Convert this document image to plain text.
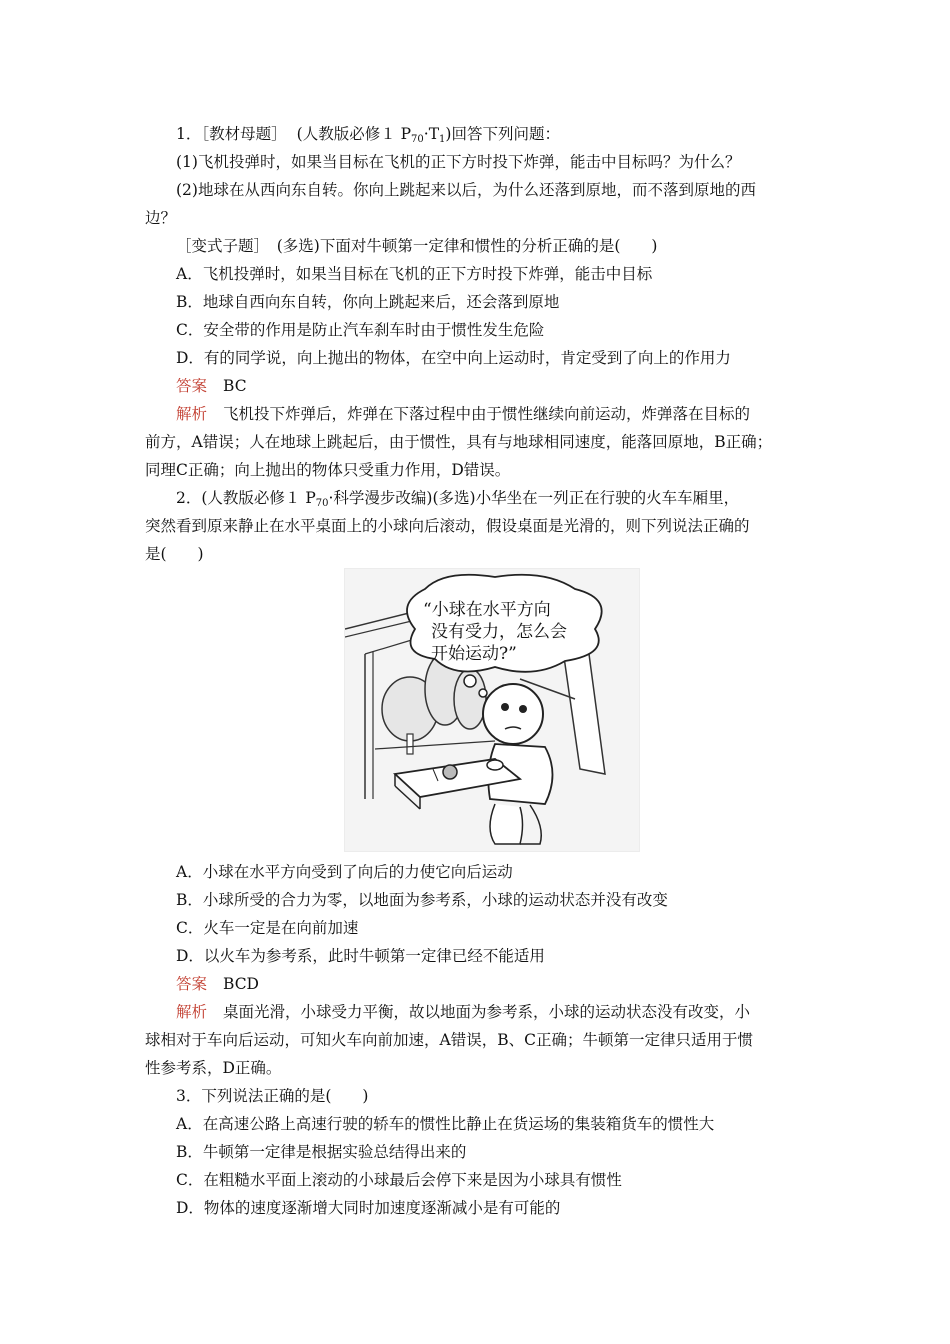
1．［教材母题］ (人教版必修１ $P_{70}\cdot T_1$)回答下列问题：
(1)飞机投弹时，如果当目标在飞机的正下方时投下炸弹，能击中目标吗？为什么？
(2)地球在从西向东自转。你向上跳起来以后，为什么还落到原地，而不落到原地的西
边？
［变式子题］　(多选)下面对牛顿第一定律和惯性的分析正确的是(　　)
A．飞机投弹时，如果当目标在飞机的正下方时投下炸弹，能击中目标
B．地球自西向东自转，你向上跳起来后，还会落到原地
C．安全带的作用是防止汽车刹车时由于惯性发生危险
D．有的同学说，向上抛出的物体，在空中向上运动时，肯定受到了向上的作用力
答案 BC
解析 飞机投下炸弹后，炸弹在下落过程中由于惯性继续向前运动，炸弹落在目标的
前方，A错误；人在地球上跳起后，由于惯性，具有与地球相同速度，能落回原地，B正确；
同理C正确；向上抛出的物体只受重力作用，D错误。
2．(人教版必修１ $P_{70}\cdot$科学漫步改编)(多选)小华坐在一列正在行驶的火车车厢里，
突然看到原来静止在水平桌面上的小球向后滚动，假设桌面是光滑的，则下列说法正确的
是(　　)
“小球在水平方向
没有受力，怎么会
开始运动?”
A．小球在水平方向受到了向后的力使它向后运动
B．小球所受的合力为零，以地面为参考系，小球的运动状态并没有改变
C．火车一定是在向前加速
D．以火车为参考系，此时牛顿第一定律已经不能适用
答案 BCD
解析 桌面光滑，小球受力平衡，故以地面为参考系，小球的运动状态没有改变，小
球相对于车向后运动，可知火车向前加速，A错误，B、C正确；牛顿第一定律只适用于惯
性参考系，D正确。
3．下列说法正确的是(　　)
A．在高速公路上高速行驶的轿车的惯性比静止在货运场的集装箱货车的惯性大
B．牛顿第一定律是根据实验总结得出来的
C．在粗糙水平面上滚动的小球最后会停下来是因为小球具有惯性
D．物体的速度逐渐增大同时加速度逐渐减小是有可能的
